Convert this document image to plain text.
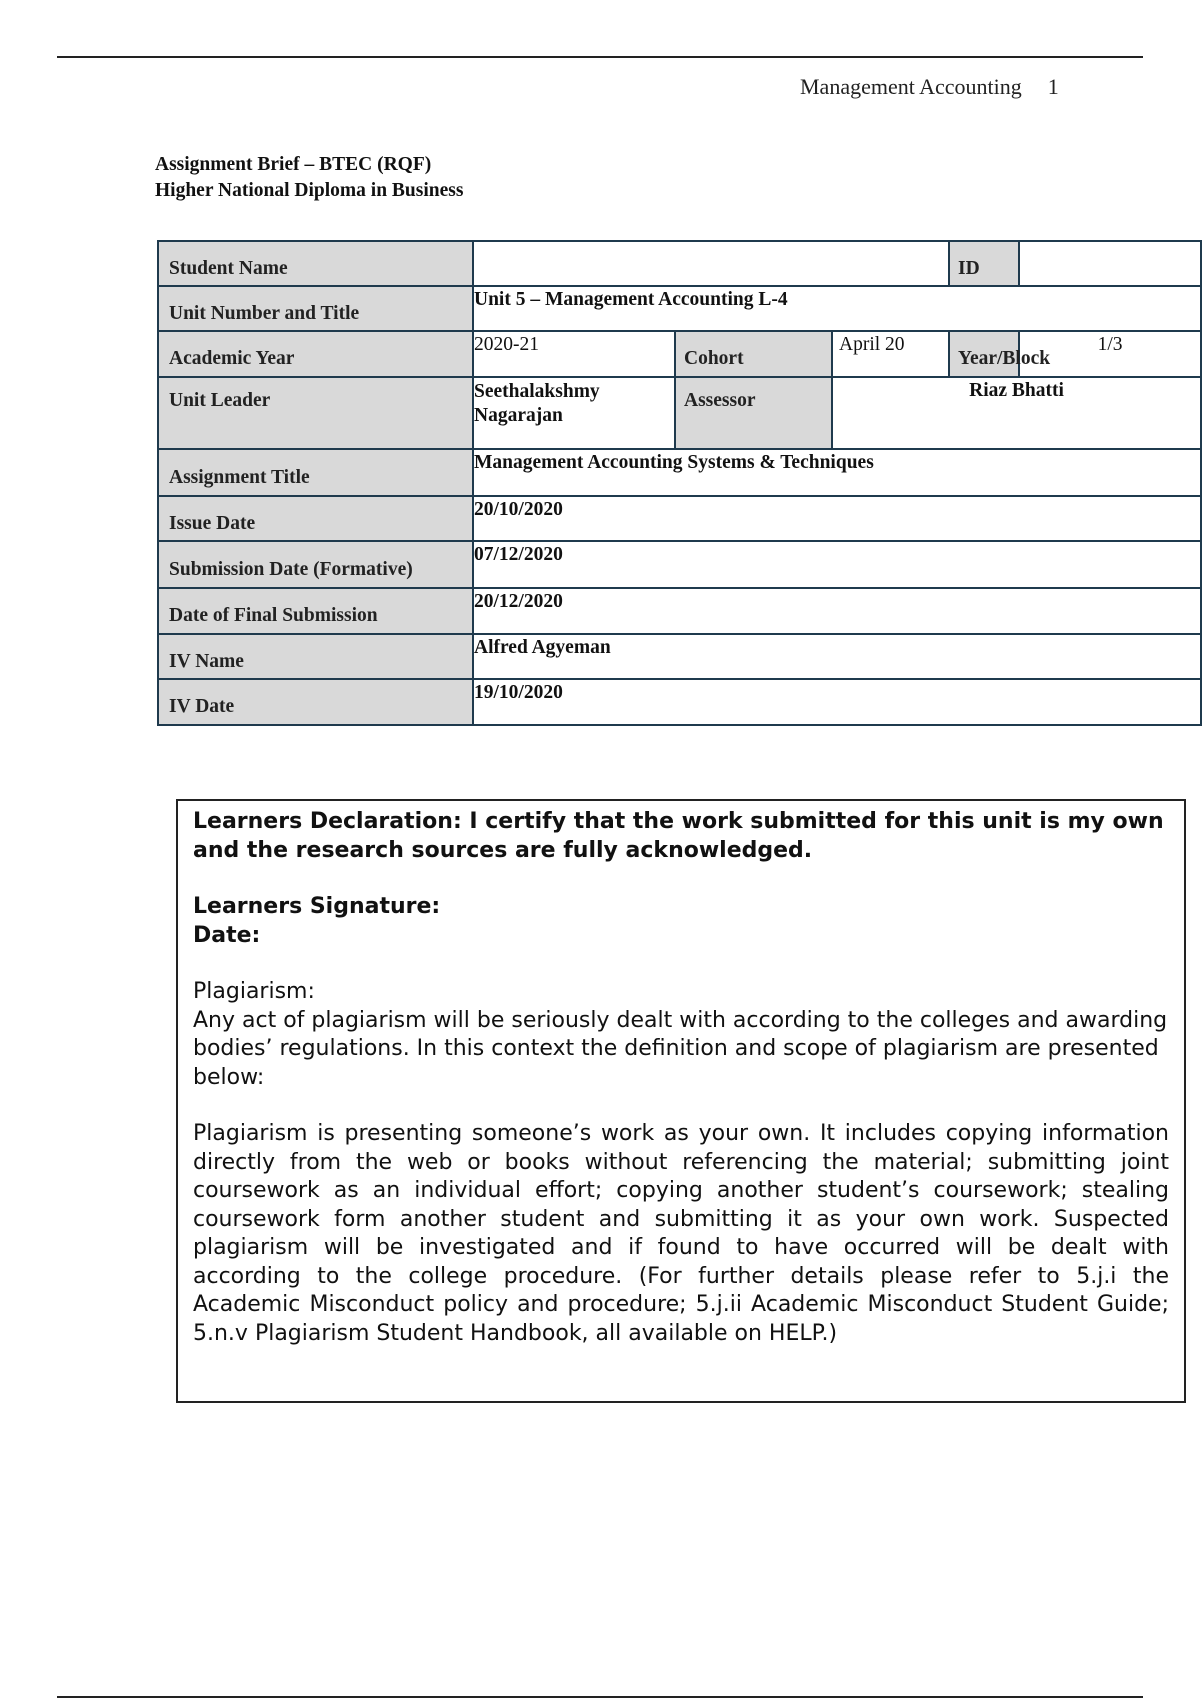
Management Accounting 1
Assignment Brief – BTEC (RQF)
Higher National Diploma in Business
Student Name				ID	
Unit Number and Title	Unit 5 – Management Accounting L-4				
Academic Year	2020-21	Cohort	April 20	Year/Block	1/3
Unit Leader	Seethalakshmy Nagarajan	Assessor	Riaz Bhatti		
Assignment Title	Management Accounting Systems & Techniques				
Issue Date	20/10/2020				
Submission Date (Formative)	07/12/2020				
Date of Final Submission	20/12/2020				
IV Name	Alfred Agyeman				
IV Date	19/10/2020				

Learners Declaration: I certify that the work submitted for this unit is my own and the research sources are fully acknowledged.

Learners Signature:

Date:

Plagiarism:

Any act of plagiarism will be seriously dealt with according to the colleges and awarding bodies’ regulations. In this context the definition and scope of plagiarism are presented below:

Plagiarism is presenting someone’s work as your own. It includes copying information directly from the web or books without referencing the material; submitting joint coursework as an individual effort; copying another student’s coursework; stealing coursework form another student and submitting it as your own work. Suspected plagiarism will be investigated and if found to have occurred will be dealt with according to the college procedure. (For further details please refer to 5.j.i the Academic Misconduct policy and procedure; 5.j.ii Academic Misconduct Student Guide; 5.n.v Plagiarism Student Handbook, all available on HELP.)
